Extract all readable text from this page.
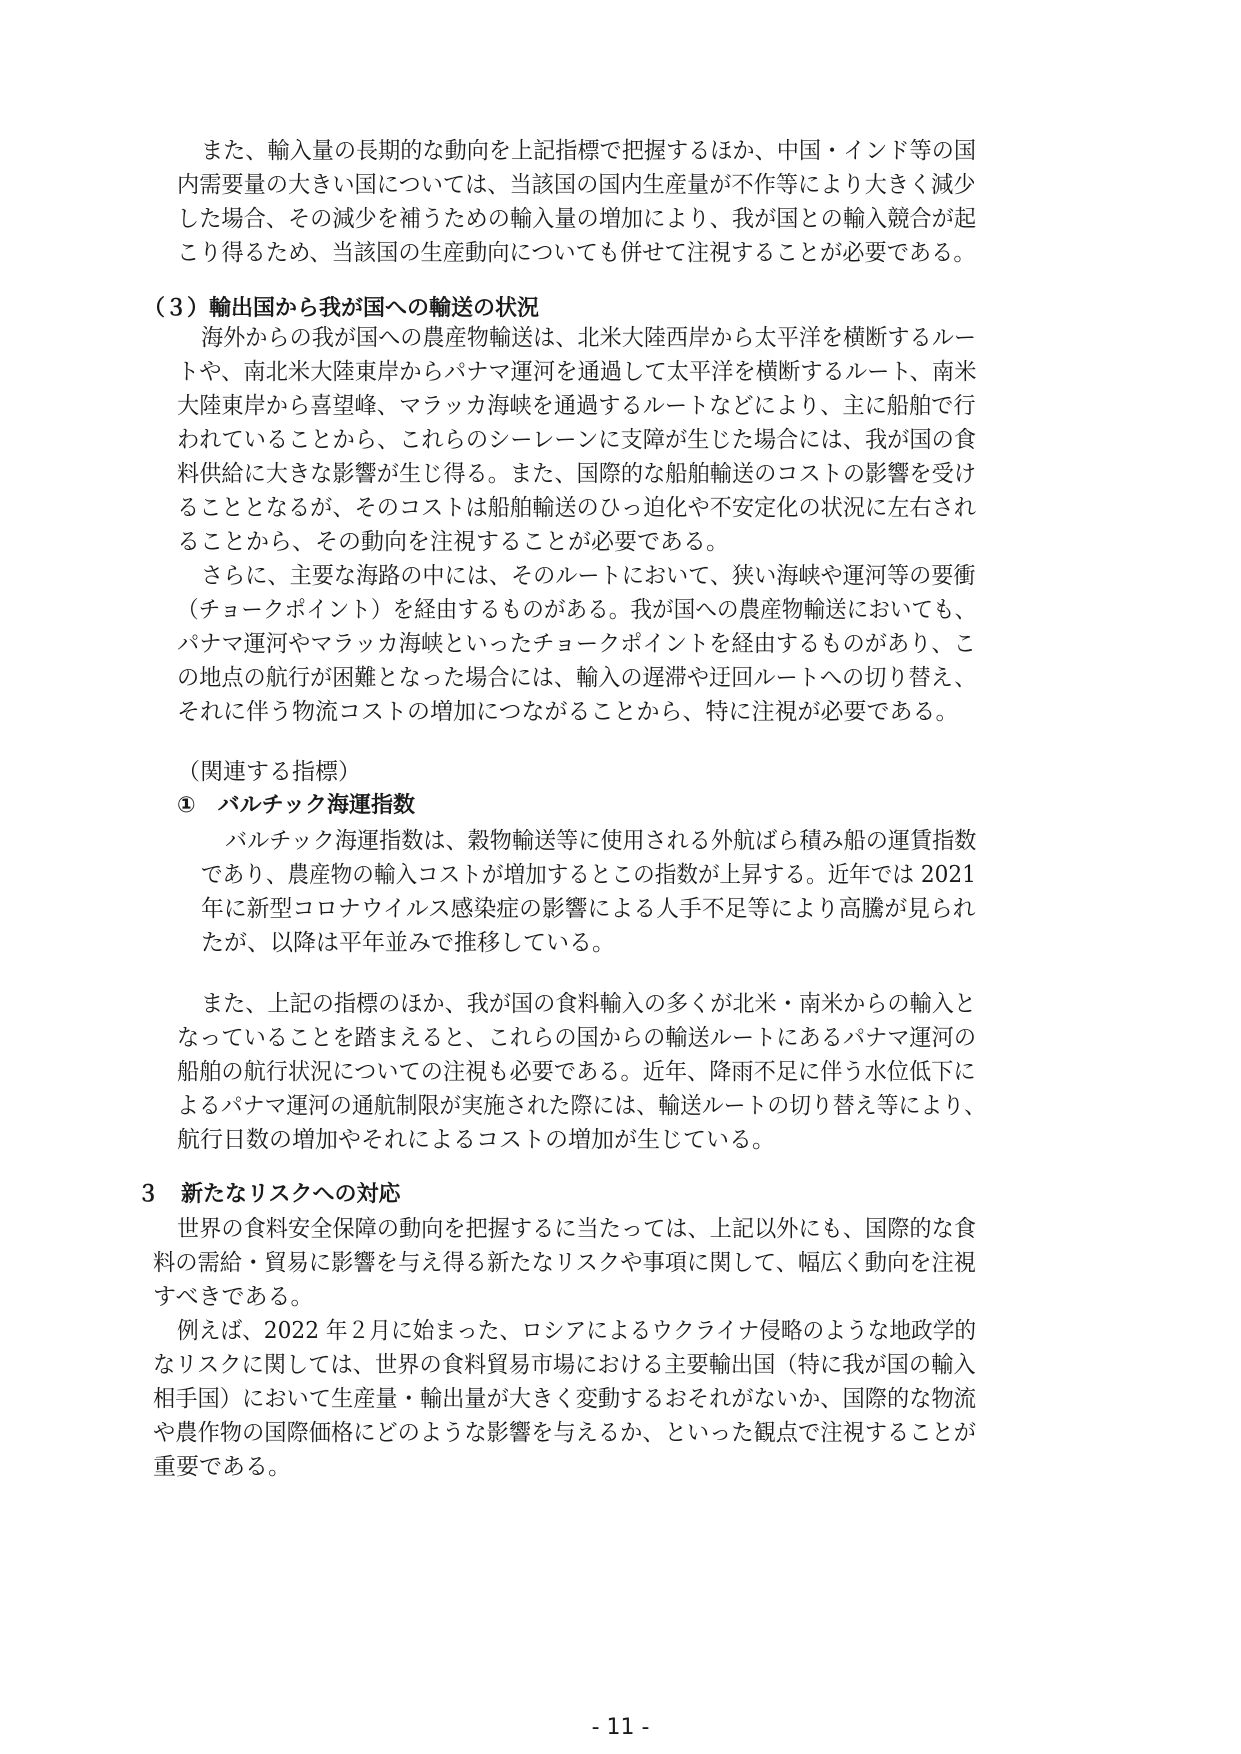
また、輸入量の長期的な動向を上記指標で把握するほか、中国・インド等の国
内需要量の大きい国については、当該国の国内生産量が不作等により大きく減少
した場合、その減少を補うための輸入量の増加により、我が国との輸入競合が起
こり得るため、当該国の生産動向についても併せて注視することが必要である。
（３）輸出国から我が国への輸送の状況
海外からの我が国への農産物輸送は、北米大陸西岸から太平洋を横断するルー
トや、南北米大陸東岸からパナマ運河を通過して太平洋を横断するルート、南米
大陸東岸から喜望峰、マラッカ海峡を通過するルートなどにより、主に船舶で行
われていることから、これらのシーレーンに支障が生じた場合には、我が国の食
料供給に大きな影響が生じ得る。また、国際的な船舶輸送のコストの影響を受け
ることとなるが、そのコストは船舶輸送のひっ迫化や不安定化の状況に左右され
ることから、その動向を注視することが必要である。
さらに、主要な海路の中には、そのルートにおいて、狭い海峡や運河等の要衝
（チョークポイント）を経由するものがある。我が国への農産物輸送においても、
パナマ運河やマラッカ海峡といったチョークポイントを経由するものがあり、こ
の地点の航行が困難となった場合には、輸入の遅滞や迂回ルートへの切り替え、
それに伴う物流コストの増加につながることから、特に注視が必要である。
（関連する指標）
①　バルチック海運指数
バルチック海運指数は、穀物輸送等に使用される外航ばら積み船の運賃指数
であり、農産物の輸入コストが増加するとこの指数が上昇する。近年では 2021
年に新型コロナウイルス感染症の影響による人手不足等により高騰が見られ
たが、以降は平年並みで推移している。
また、上記の指標のほか、我が国の食料輸入の多くが北米・南米からの輸入と
なっていることを踏まえると、これらの国からの輸送ルートにあるパナマ運河の
船舶の航行状況についての注視も必要である。近年、降雨不足に伴う水位低下に
よるパナマ運河の通航制限が実施された際には、輸送ルートの切り替え等により、
航行日数の増加やそれによるコストの増加が生じている。
３　新たなリスクへの対応
世界の食料安全保障の動向を把握するに当たっては、上記以外にも、国際的な食
料の需給・貿易に影響を与え得る新たなリスクや事項に関して、幅広く動向を注視
すべきである。
例えば、2022 年２月に始まった、ロシアによるウクライナ侵略のような地政学的
なリスクに関しては、世界の食料貿易市場における主要輸出国（特に我が国の輸入
相手国）において生産量・輸出量が大きく変動するおそれがないか、国際的な物流
や農作物の国際価格にどのような影響を与えるか、といった観点で注視することが
重要である。
- 11 -
